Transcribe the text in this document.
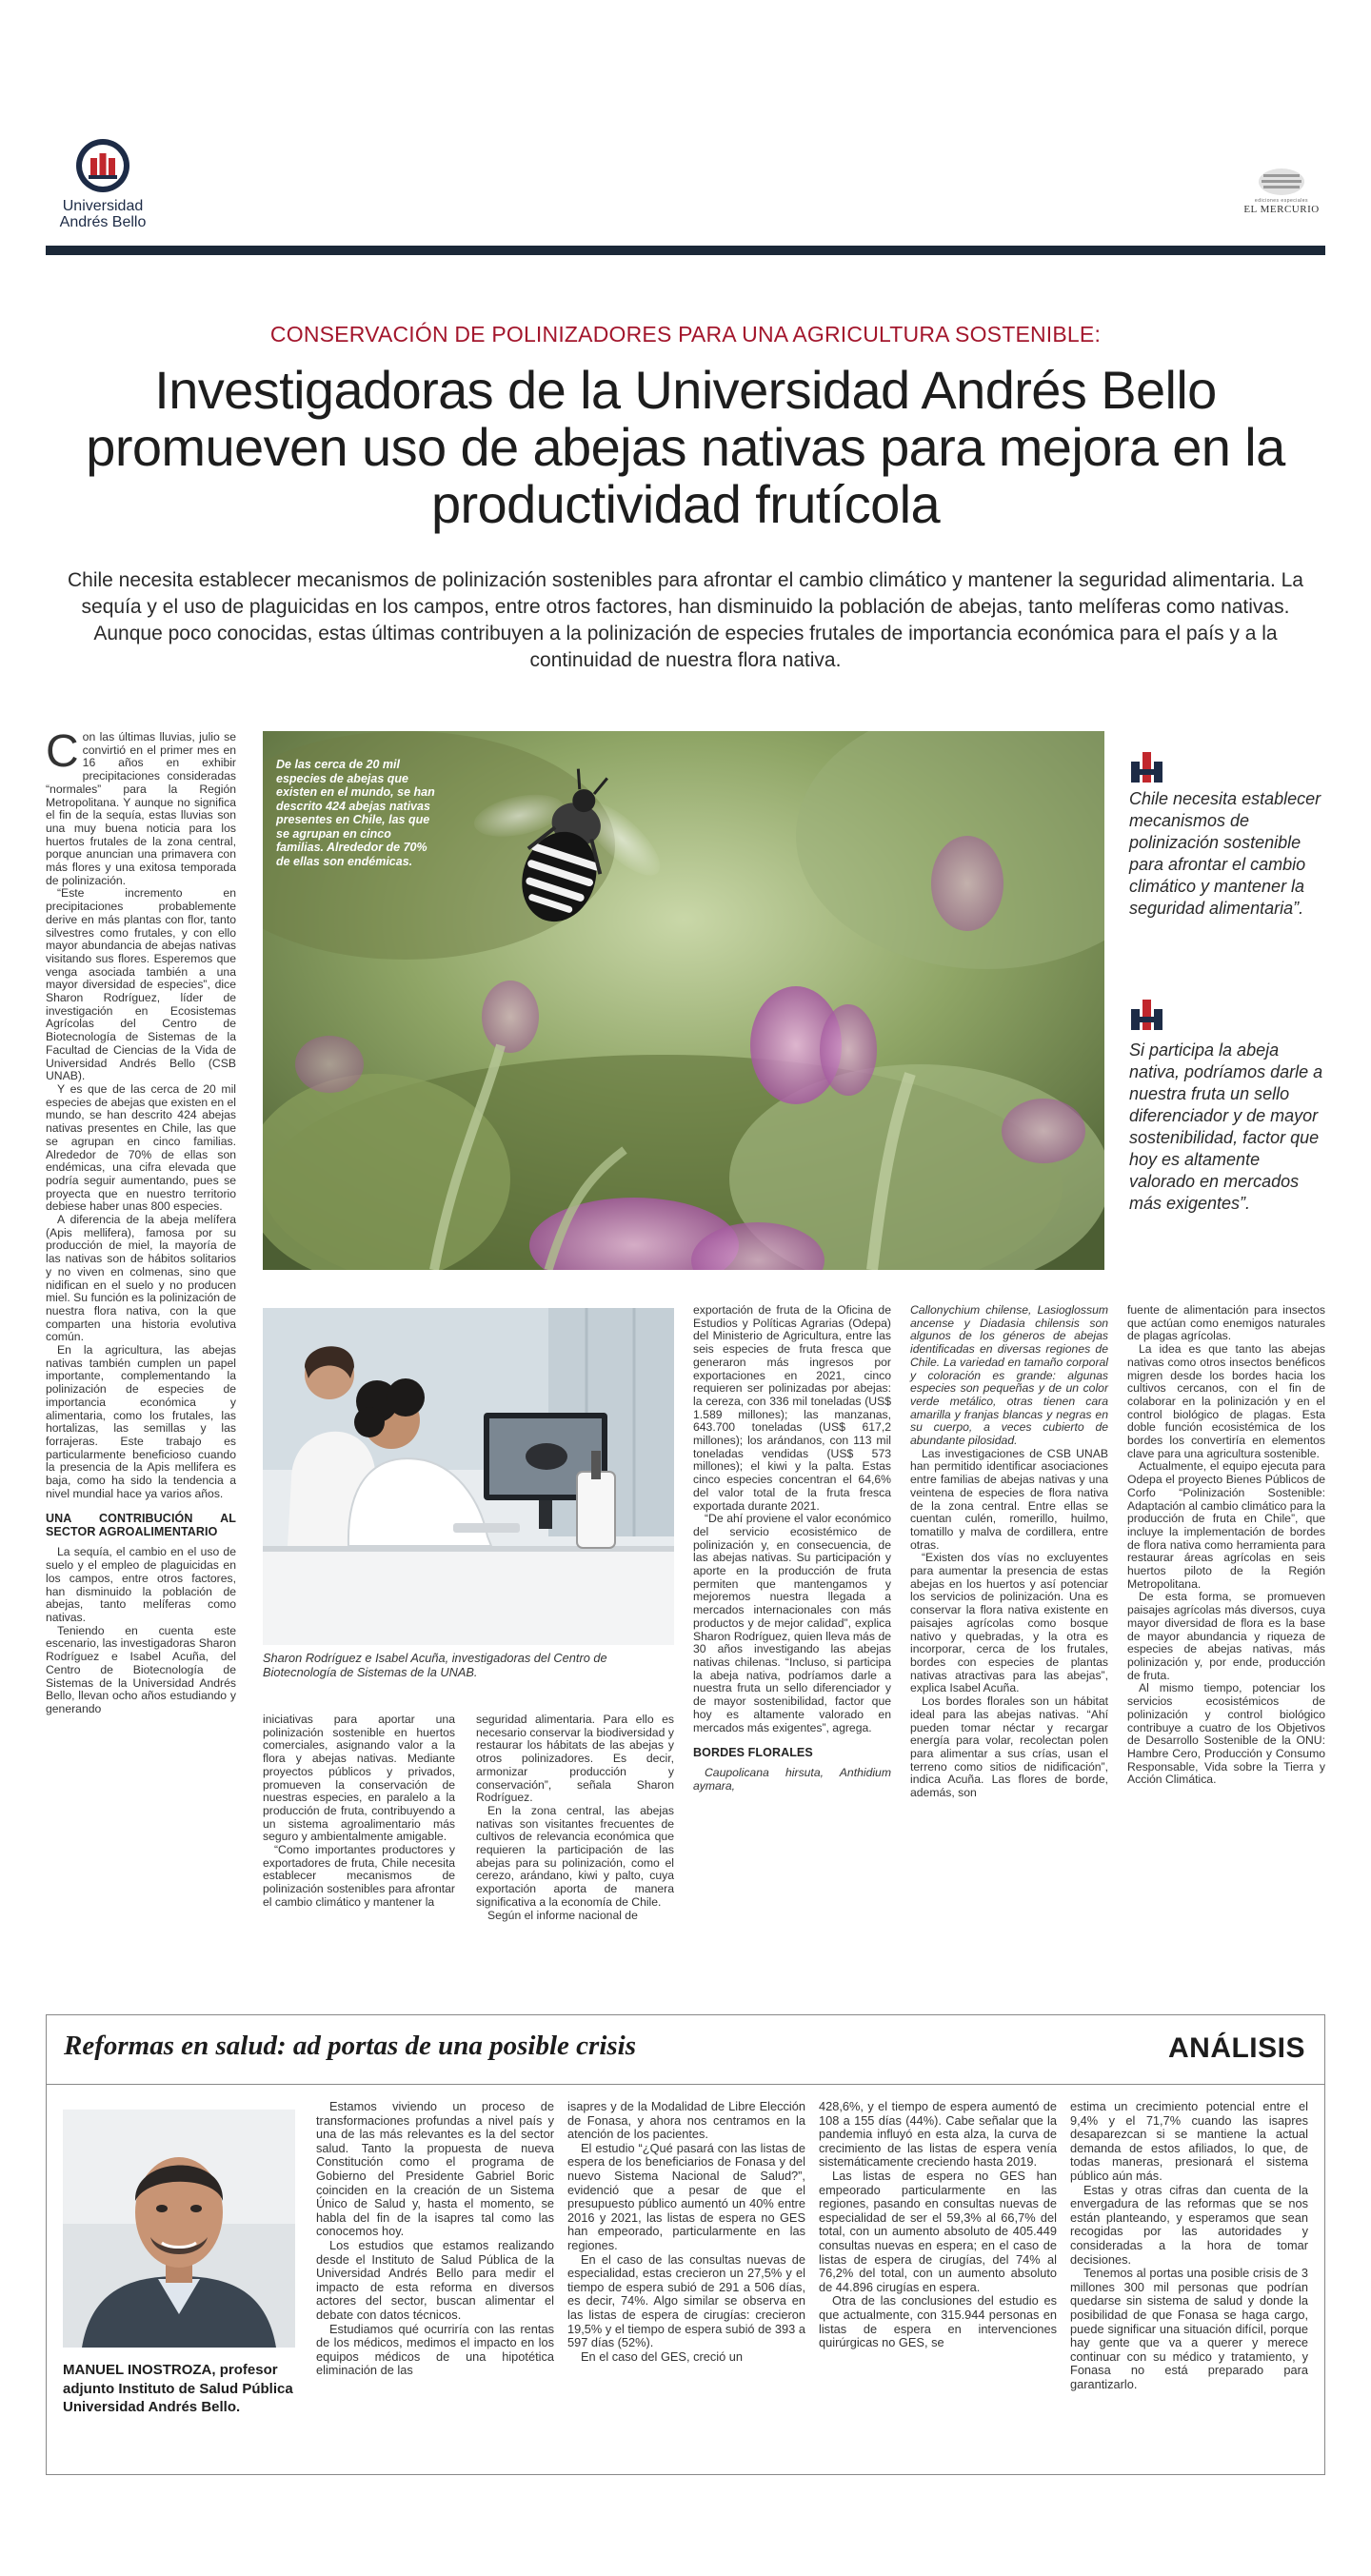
Universidad
Andrés Bello
ediciones especiales
EL MERCURIO
CONSERVACIÓN DE POLINIZADORES PARA UNA AGRICULTURA SOSTENIBLE:
Investigadoras de la Universidad Andrés Bello promueven uso de abejas nativas para mejora en la productividad frutícola
Chile necesita establecer mecanismos de polinización sostenibles para afrontar el cambio climático y mantener la seguridad alimentaria. La sequía y el uso de plaguicidas en los campos, entre otros factores, han disminuido la población de abejas, tanto melíferas como nativas. Aunque poco conocidas, estas últimas contribuyen a la polinización de especies frutales de importancia económica para el país y a la continuidad de nuestra flora nativa.
C on las últimas lluvias, julio se convirtió en el primer mes en 16 años en exhibir precipitaciones consideradas “normales” para la Región Metropolitana. Y aunque no significa el fin de la sequía, estas lluvias son una muy buena noticia para los huertos frutales de la zona central, porque anuncian una primavera con más flores y una exitosa temporada de polinización.

“Este incremento en precipitaciones probablemente derive en más plantas con flor, tanto silvestres como frutales, y con ello mayor abundancia de abejas nativas visitando sus flores. Esperemos que venga asociada también a una mayor diversidad de especies”, dice Sharon Rodríguez, líder de investigación en Ecosistemas Agrícolas del Centro de Biotecnología de Sistemas de la Facultad de Ciencias de la Vida de Universidad Andrés Bello (CSB UNAB).

Y es que de las cerca de 20 mil especies de abejas que existen en el mundo, se han descrito 424 abejas nativas presentes en Chile, las que se agrupan en cinco familias. Alrededor de 70% de ellas son endémicas, una cifra elevada que podría seguir aumentando, pues se proyecta que en nuestro territorio debiese haber unas 800 especies.

A diferencia de la abeja melífera (Apis mellifera), famosa por su producción de miel, la mayoría de las nativas son de hábitos solitarios y no viven en colmenas, sino que nidifican en el suelo y no producen miel. Su función es la polinización de nuestra flora nativa, con la que comparten una historia evolutiva común.

En la agricultura, las abejas nativas también cumplen un papel importante, complementando la polinización de especies de importancia económica y alimentaria, como los frutales, las hortalizas, las semillas y las forrajeras. Este trabajo es particularmente beneficioso cuando la presencia de la Apis mellifera es baja, como ha sido la tendencia a nivel mundial hace ya varios años.

UNA CONTRIBUCIÓN AL SECTOR AGROALIMENTARIO

La sequía, el cambio en el uso de suelo y el empleo de plaguicidas en los campos, entre otros factores, han disminuido la población de abejas, tanto melíferas como nativas.

Teniendo en cuenta este escenario, las investigadoras Sharon Rodríguez e Isabel Acuña, del Centro de Biotecnología de Sistemas de la Universidad Andrés Bello, llevan ocho años estudiando y generando

De las cerca de 20 mil especies de abejas que existen en el mundo, se han descrito 424 abejas nativas presentes en Chile, las que se agrupan en cinco familias. Alrededor de 70% de ellas son endémicas.
Chile necesita establecer mecanismos de polinización sostenible para afrontar el cambio climático y mantener la seguridad alimentaria”.
Si participa la abeja nativa, podríamos darle a nuestra fruta un sello diferenciador y de mayor sostenibilidad, factor que hoy es altamente valorado en mercados más exigentes”.
Sharon Rodríguez e Isabel Acuña, investigadoras del Centro de Biotecnología de Sistemas de la UNAB.

iniciativas para aportar una polinización sostenible en huertos comerciales, asignando valor a la flora y abejas nativas. Mediante proyectos públicos y privados, promueven la conservación de nuestras especies, en paralelo a la producción de fruta, contribuyendo a un sistema agroalimentario más seguro y ambientalmente amigable.

“Como importantes productores y exportadores de fruta, Chile necesita establecer mecanismos de polinización sostenibles para afrontar el cambio climático y mantener la

seguridad alimentaria. Para ello es necesario conservar la biodiversidad y restaurar los hábitats de las abejas y otros polinizadores. Es decir, armonizar producción y conservación”, señala Sharon Rodríguez.

En la zona central, las abejas nativas son visitantes frecuentes de cultivos de relevancia económica que requieren la participación de las abejas para su polinización, como el cerezo, arándano, kiwi y palto, cuya exportación aporta de manera significativa a la economía de Chile.

Según el informe nacional de

exportación de fruta de la Oficina de Estudios y Políticas Agrarias (Odepa) del Ministerio de Agricultura, entre las seis especies de fruta fresca que generaron más ingresos por exportaciones en 2021, cinco requieren ser polinizadas por abejas: la cereza, con 336 mil toneladas (US$ 1.589 millones); las manzanas, 643.700 toneladas (US$ 617,2 millones); los arándanos, con 113 mil toneladas vendidas (US$ 573 millones); el kiwi y la palta. Estas cinco especies concentran el 64,6% del valor total de la fruta fresca exportada durante 2021.

“De ahí proviene el valor económico del servicio ecosistémico de polinización y, en consecuencia, de las abejas nativas. Su participación y aporte en la producción de fruta permiten que mantengamos y mejoremos nuestra llegada a mercados internacionales con más productos y de mejor calidad”, explica Sharon Rodríguez, quien lleva más de 30 años investigando las abejas nativas chilenas. “Incluso, si participa la abeja nativa, podríamos darle a nuestra fruta un sello diferenciador y de mayor sostenibilidad, factor que hoy es altamente valorado en mercados más exigentes”, agrega.

BORDES FLORALES

Caupolicana hirsuta, Anthidium aymara,

Callonychium chilense, Lasioglossum ancense y Diadasia chilensis son algunos de los géneros de abejas identificadas en diversas regiones de Chile. La variedad en tamaño corporal y coloración es grande: algunas especies son pequeñas y de un color verde metálico, otras tienen cara amarilla y franjas blancas y negras en su cuerpo, a veces cubierto de abundante pilosidad.

Las investigaciones de CSB UNAB han permitido identificar asociaciones entre familias de abejas nativas y una veintena de especies de flora nativa de la zona central. Entre ellas se cuentan culén, romerillo, huilmo, tomatillo y malva de cordillera, entre otras.

“Existen dos vías no excluyentes para aumentar la presencia de estas abejas en los huertos y así potenciar los servicios de polinización. Una es conservar la flora nativa existente en paisajes agrícolas como bosque nativo y quebradas, y la otra es incorporar, cerca de los frutales, bordes con especies de plantas nativas atractivas para las abejas”, explica Isabel Acuña.

Los bordes florales son un hábitat ideal para las abejas nativas. “Ahí pueden tomar néctar y recargar energía para volar, recolectan polen para alimentar a sus crías, usan el terreno como sitios de nidificación”, indica Acuña. Las flores de borde, además, son

fuente de alimentación para insectos que actúan como enemigos naturales de plagas agrícolas.

La idea es que tanto las abejas nativas como otros insectos benéficos migren desde los bordes hacia los cultivos cercanos, con el fin de colaborar en la polinización y en el control biológico de plagas. Esta doble función ecosistémica de los bordes los convertiría en elementos clave para una agricultura sostenible.

Actualmente, el equipo ejecuta para Odepa el proyecto Bienes Públicos de Corfo “Polinización Sostenible: Adaptación al cambio climático para la producción de fruta en Chile”, que incluye la implementación de bordes de flora nativa como herramienta para restaurar áreas agrícolas en seis huertos piloto de la Región Metropolitana.

De esta forma, se promueven paisajes agrícolas más diversos, cuya mayor diversidad de flora es la base de mayor abundancia y riqueza de especies de abejas nativas, más polinización y, por ende, producción de fruta.

Al mismo tiempo, potenciar los servicios ecosistémicos de polinización y control biológico contribuye a cuatro de los Objetivos de Desarrollo Sostenible de la ONU: Hambre Cero, Producción y Consumo Responsable, Vida sobre la Tierra y Acción Climática.

Reformas en salud: ad portas de una posible crisis	ANÁLISIS
MANUEL INOSTROZA, profesor adjunto Instituto de Salud Pública Universidad Andrés Bello.

Estamos viviendo un proceso de transformaciones profundas a nivel país y una de las más relevantes es la del sector salud. Tanto la propuesta de nueva Constitución como el programa de Gobierno del Presidente Gabriel Boric coinciden en la creación de un Sistema Único de Salud y, hasta el momento, se habla del fin de la isapres tal como las conocemos hoy.

Los estudios que estamos realizando desde el Instituto de Salud Pública de la Universidad Andrés Bello para medir el impacto de esta reforma en diversos actores del sector, buscan alimentar el debate con datos técnicos.

Estudiamos qué ocurriría con las rentas de los médicos, medimos el impacto en los equipos médicos de una hipotética eliminación de las

isapres y de la Modalidad de Libre Elección de Fonasa, y ahora nos centramos en la atención de los pacientes.

El estudio “¿Qué pasará con las listas de espera de los beneficiarios de Fonasa y del nuevo Sistema Nacional de Salud?”, evidenció que a pesar de que el presupuesto público aumentó un 40% entre 2016 y 2021, las listas de espera no GES han empeorado, particularmente en las regiones.

En el caso de las consultas nuevas de especialidad, estas crecieron un 27,5% y el tiempo de espera subió de 291 a 506 días, es decir, 74%. Algo similar se observa en las listas de espera de cirugías: crecieron 19,5% y el tiempo de espera subió de 393 a 597 días (52%).

En el caso del GES, creció un

428,6%, y el tiempo de espera aumentó de 108 a 155 días (44%). Cabe señalar que la pandemia influyó en esta alza, la curva de crecimiento de las listas de espera venía sistemáticamente creciendo hasta 2019.

Las listas de espera no GES han empeorado particularmente en las regiones, pasando en consultas nuevas de especialidad de ser el 59,3% al 66,7% del total, con un aumento absoluto de 405.449 consultas nuevas en espera; en el caso de listas de espera de cirugías, del 74% al 76,2% del total, con un aumento absoluto de 44.896 cirugías en espera.

Otra de las conclusiones del estudio es que actualmente, con 315.944 personas en listas de espera en intervenciones quirúrgicas no GES, se

estima un crecimiento potencial entre el 9,4% y el 71,7% cuando las isapres desaparezcan si se mantiene la actual demanda de estos afiliados, lo que, de todas maneras, presionará el sistema público aún más.

Estas y otras cifras dan cuenta de la envergadura de las reformas que se nos están planteando, y esperamos que sean recogidas por las autoridades y consideradas a la hora de tomar decisiones.

Tenemos al portas una posible crisis de 3 millones 300 mil personas que podrían quedarse sin sistema de salud y donde la posibilidad de que Fonasa se haga cargo, puede significar una situación difícil, porque hay gente que va a querer y merece continuar con su médico y tratamiento, y Fonasa no está preparado para garantizarlo.
